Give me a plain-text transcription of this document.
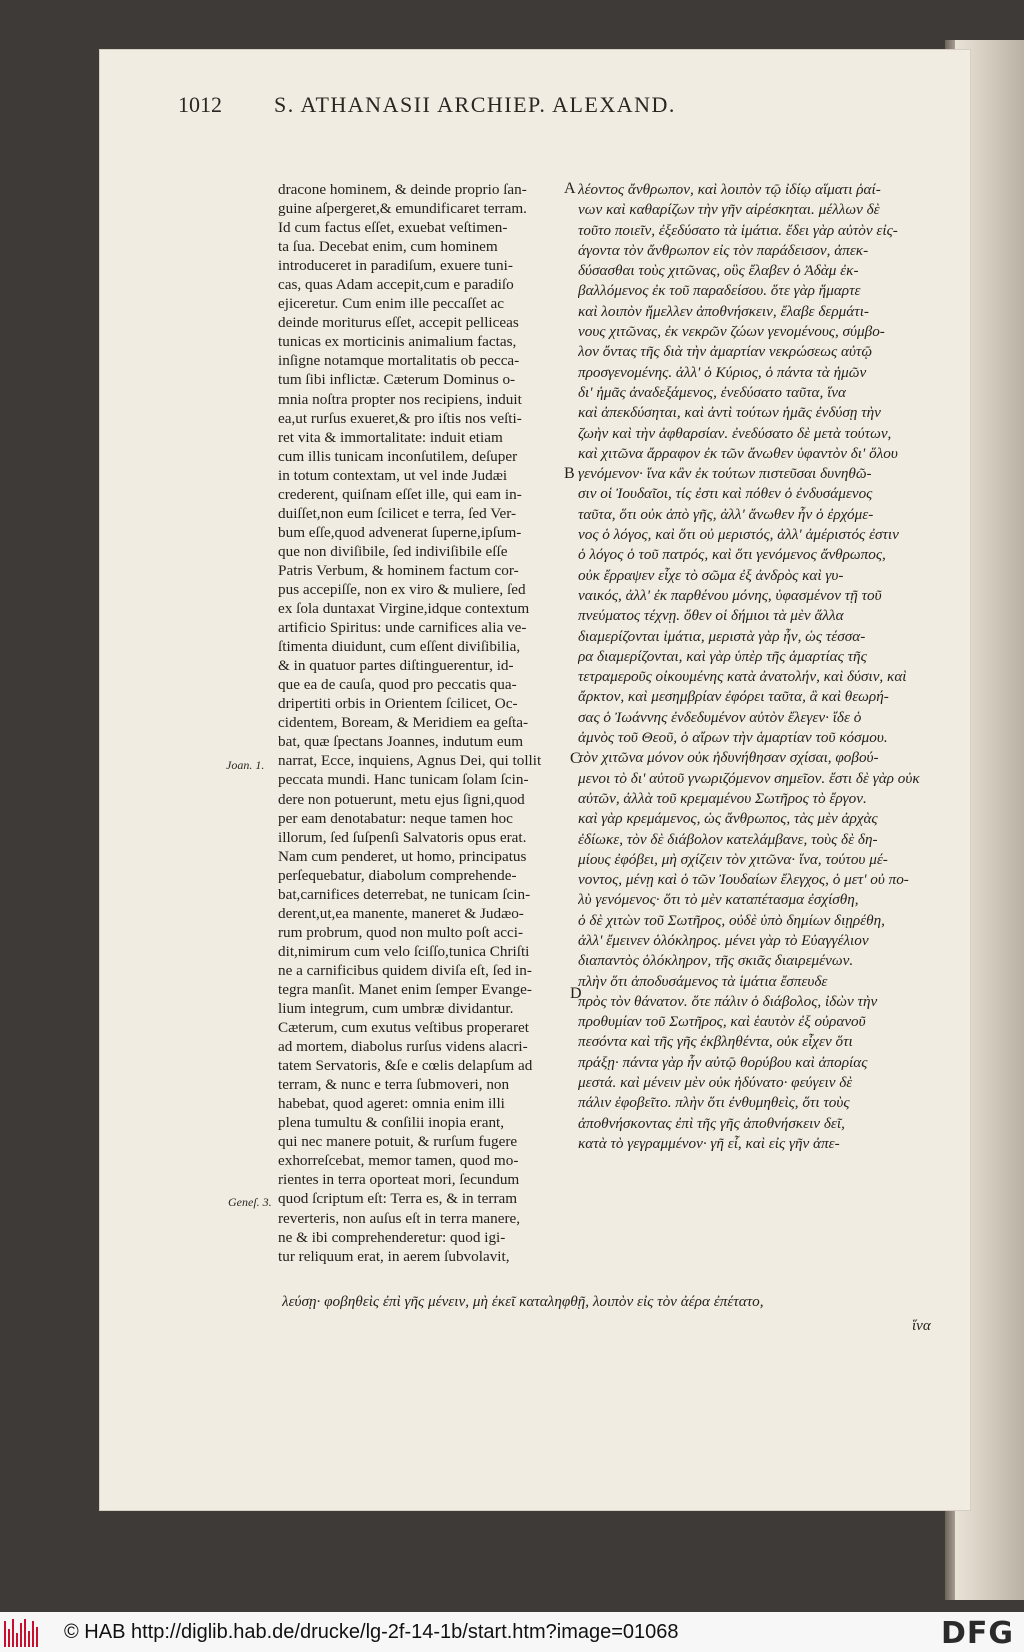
1012	S. ATHANASII ARCHIEP. ALEXAND.
dracone hominem, & deinde proprio ſan-
guine aſpergeret,& emundificaret terram.
Id cum factus eſſet, exuebat veſtimen-
ta ſua. Decebat enim, cum hominem
introduceret in paradiſum, exuere tuni-
cas, quas Adam accepit,cum e paradiſo
ejiceretur. Cum enim ille peccaſſet ac
deinde moriturus eſſet, accepit pelliceas
tunicas ex morticinis animalium factas,
inſigne notamque mortalitatis ob pecca-
tum ſibi inflictæ. Cæterum Dominus o-
mnia noſtra propter nos recipiens, induit
ea,ut rurſus exueret,& pro iſtis nos veſti-
ret vita & immortalitate: induit etiam
cum illis tunicam inconſutilem, deſuper
in totum contextam, ut vel inde Judæi
crederent, quiſnam eſſet ille, qui eam in-
duiſſet,non eum ſcilicet e terra, ſed Ver-
bum eſſe,quod advenerat ſuperne,ipſum-
que non diviſibile, ſed indiviſibile eſſe
Patris Verbum, & hominem factum cor-
pus accepiſſe, non ex viro & muliere, ſed
ex ſola duntaxat Virgine,idque contextum
artificio Spiritus: unde carnifices alia ve-
ſtimenta diuidunt, cum eſſent diviſibilia,
& in quatuor partes diſtinguerentur, id-
que ea de cauſa, quod pro peccatis qua-
dripertiti orbis in Orientem ſcilicet, Oc-
cidentem, Boream, & Meridiem ea geſta-
bat, quæ ſpectans Joannes, indutum eum
narrat, Ecce, inquiens, Agnus Dei, qui tollit
peccata mundi. Hanc tunicam ſolam ſcin-
dere non potuerunt, metu ejus ſigni,quod
per eam denotabatur: neque tamen hoc
illorum, ſed ſuſpenſi Salvatoris opus erat.
Nam cum penderet, ut homo, principatus
perſequebatur, diabolum comprehende-
bat,carnifices deterrebat, ne tunicam ſcin-
derent,ut,ea manente, maneret & Judæo-
rum probrum, quod non multo poſt acci-
dit,nimirum cum velo ſciſſo,tunica Chriſti
ne a carnificibus quidem diviſa eſt, ſed in-
tegra manſit. Manet enim ſemper Evange-
lium integrum, cum umbræ dividantur.
Cæterum, cum exutus veſtibus properaret
ad mortem, diabolus rurſus videns alacri-
tatem Servatoris, &ſe e cœlis delapſum ad
terram, & nunc e terra ſubmoveri, non
habebat, quod ageret: omnia enim illi
plena tumultu & conſilii inopia erant,
qui nec manere potuit, & rurſum fugere
exhorreſcebat, memor tamen, quod mo-
rientes in terra oporteat mori, ſecundum
quod ſcriptum eſt: Terra es, & in terram
reverteris, non auſus eſt in terra manere,
ne & ibi comprehenderetur: quod igi-
tur reliquum erat, in aerem ſubvolavit,
λέοντος ἄνθρωπον, καὶ λοιπὸν τῷ ἰδίῳ αἵματι ῥαί-
νων καὶ καθαρίζων τὴν γῆν αἱρέσκηται. μέλλων δὲ
τοῦτο ποιεῖν, ἐξεδύσατο τὰ ἱμάτια. ἔδει γὰρ αὐτὸν εἰς-
άγοντα τὸν ἄνθρωπον εἰς τὸν παράδεισον, ἀπεκ-
δύσασθαι τοὺς χιτῶνας, οὓς ἔλαβεν ὁ Ἀδὰμ ἐκ-
βαλλόμενος ἐκ τοῦ παραδείσου. ὅτε γὰρ ἥμαρτε
καὶ λοιπὸν ἤμελλεν ἀποθνήσκειν, ἔλαβε δερμάτι-
νους χιτῶνας, ἐκ νεκρῶν ζώων γενομένους, σύμβο-
λον ὄντας τῆς διὰ τὴν ἁμαρτίαν νεκρώσεως αὐτῷ
προσγενομένης. ἀλλ' ὁ Κύριος, ὁ πάντα τὰ ἡμῶν
δι' ἡμᾶς ἀναδεξάμενος, ἐνεδύσατο ταῦτα, ἵνα
καὶ ἀπεκδύσηται, καὶ ἀντὶ τούτων ἡμᾶς ἐνδύσῃ τὴν
ζωὴν καὶ τὴν ἀφθαρσίαν. ἐνεδύσατο δὲ μετὰ τούτων,
καὶ χιτῶνα ἄρραφον ἐκ τῶν ἄνωθεν ὑφαντὸν δι' ὅλου
γενόμενον· ἵνα κἂν ἐκ τούτων πιστεῦσαι δυνηθῶ-
σιν οἱ Ἰουδαῖοι, τίς ἐστι καὶ πόθεν ὁ ἐνδυσάμενος
ταῦτα, ὅτι οὐκ ἀπὸ γῆς, ἀλλ' ἄνωθεν ἦν ὁ ἐρχόμε-
νος ὁ λόγος, καὶ ὅτι οὐ μεριστός, ἀλλ' ἀμέριστός ἐστιν
ὁ λόγος ὁ τοῦ πατρός, καὶ ὅτι γενόμενος ἄνθρωπος,
οὐκ ἔρραψεν εἶχε τὸ σῶμα ἐξ ἀνδρὸς καὶ γυ-
ναικός, ἀλλ' ἐκ παρθένου μόνης, ὑφασμένον τῇ τοῦ
πνεύματος τέχνῃ. ὅθεν οἱ δήμιοι τὰ μὲν ἄλλα
διαμερίζονται ἱμάτια, μεριστὰ γὰρ ἦν, ὡς τέσσα-
ρα διαμερίζονται, καὶ γὰρ ὑπὲρ τῆς ἁμαρτίας τῆς
τετραμεροῦς οἰκουμένης κατὰ ἀνατολήν, καὶ δύσιν, καὶ
ἄρκτον, καὶ μεσημβρίαν ἐφόρει ταῦτα, ἃ καὶ θεωρή-
σας ὁ Ἰωάννης ἐνδεδυμένον αὐτὸν ἔλεγεν· ἴδε ὁ
ἀμνὸς τοῦ Θεοῦ, ὁ αἴρων τὴν ἁμαρτίαν τοῦ κόσμου.
τὸν χιτῶνα μόνον οὐκ ἠδυνήθησαν σχίσαι, φοβού-
μενοι τὸ δι' αὐτοῦ γνωριζόμενον σημεῖον. ἔστι δὲ γὰρ οὐκ
αὐτῶν, ἀλλὰ τοῦ κρεμαμένου Σωτῆρος τὸ ἔργον.
καὶ γὰρ κρεμάμενος, ὡς ἄνθρωπος, τὰς μὲν ἀρχὰς
ἐδίωκε, τὸν δὲ διάβολον κατελάμβανε, τοὺς δὲ δη-
μίους ἐφόβει, μὴ σχίζειν τὸν χιτῶνα· ἵνα, τούτου μέ-
νοντος, μένῃ καὶ ὁ τῶν Ἰουδαίων ἔλεγχος, ὁ μετ' οὐ πο-
λὺ γενόμενος· ὅτι τὸ μὲν καταπέτασμα ἐσχίσθη,
ὁ δὲ χιτὼν τοῦ Σωτῆρος, οὐδὲ ὑπὸ δημίων διῃρέθη,
ἀλλ' ἔμεινεν ὁλόκληρος. μένει γὰρ τὸ Εὐαγγέλιον
διαπαντὸς ὁλόκληρον, τῆς σκιᾶς διαιρεμένων.
πλὴν ὅτι ἀποδυσάμενος τὰ ἱμάτια ἔσπευδε
πρὸς τὸν θάνατον. ὅτε πάλιν ὁ διάβολος, ἰδὼν τὴν
προθυμίαν τοῦ Σωτῆρος, καὶ ἑαυτὸν ἐξ οὐρανοῦ
πεσόντα καὶ τῆς γῆς ἐκβληθέντα, οὐκ εἶχεν ὅτι
πράξῃ· πάντα γὰρ ἦν αὐτῷ θορύβου καὶ ἀπορίας
μεστά. καὶ μένειν μὲν οὐκ ἠδύνατο· φεύγειν δὲ
πάλιν ἐφοβεῖτο. πλὴν ὅτι ἐνθυμηθεὶς, ὅτι τοὺς
ἀποθνήσκοντας ἐπὶ τῆς γῆς ἀποθνήσκειν δεῖ,
κατὰ τὸ γεγραμμένον· γῆ εἶ, καὶ εἰς γῆν ἀπε-
A
B
C
D
Joan. 1.
Geneſ. 3.
λεύσῃ· φοβηθεὶς ἐπὶ γῆς μένειν, μὴ ἐκεῖ καταληφθῇ, λοιπὸν εἰς τὸν ἀέρα ἐπέτατο,
ἵνα
© HAB http://diglib.hab.de/drucke/lg-2f-14-1b/start.htm?image=01068	DFG
